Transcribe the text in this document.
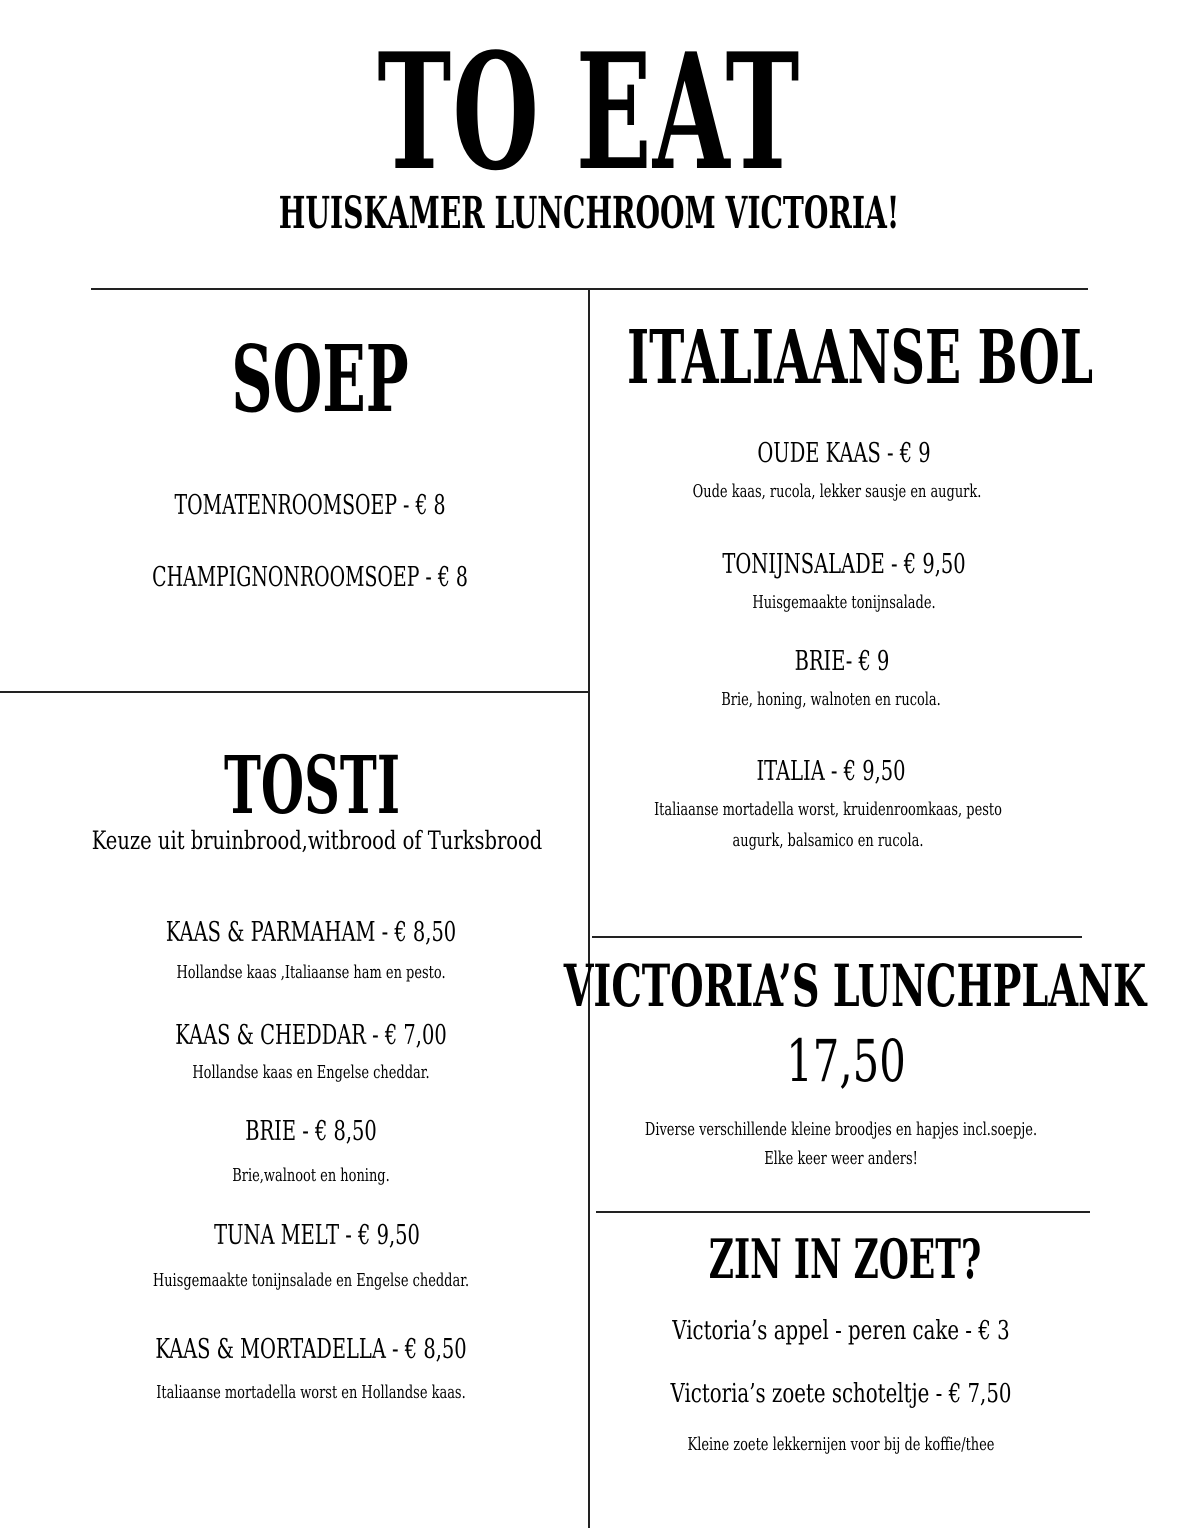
TO EAT
HUISKAMER LUNCHROOM VICTORIA!
SOEP
TOMATENROOMSOEP - € 8
CHAMPIGNONROOMSOEP - € 8
TOSTI
Keuze uit bruinbrood,witbrood of Turksbrood
KAAS & PARMAHAM - € 8,50
Hollandse kaas ,Italiaanse ham en pesto.
KAAS & CHEDDAR - € 7,00
Hollandse kaas en Engelse cheddar.
BRIE - € 8,50
Brie,walnoot en honing.
TUNA MELT - € 9,50
Huisgemaakte tonijnsalade en Engelse cheddar.
KAAS & MORTADELLA - € 8,50
Italiaanse mortadella worst en Hollandse kaas.
ITALIAANSE BOL
OUDE KAAS - € 9
Oude kaas, rucola, lekker sausje en augurk.
TONIJNSALADE - € 9,50
Huisgemaakte tonijnsalade.
BRIE- € 9
Brie, honing, walnoten en rucola.
ITALIA - € 9,50
Italiaanse mortadella worst, kruidenroomkaas, pesto
augurk, balsamico en rucola.
VICTORIA’S LUNCHPLANK
17,50
Diverse verschillende kleine broodjes en hapjes incl.soepje.
Elke keer weer anders!
ZIN IN ZOET?
Victoria’s appel - peren cake - € 3
Victoria’s zoete schoteltje - € 7,50
Kleine zoete lekkernijen voor bij de koffie/thee
